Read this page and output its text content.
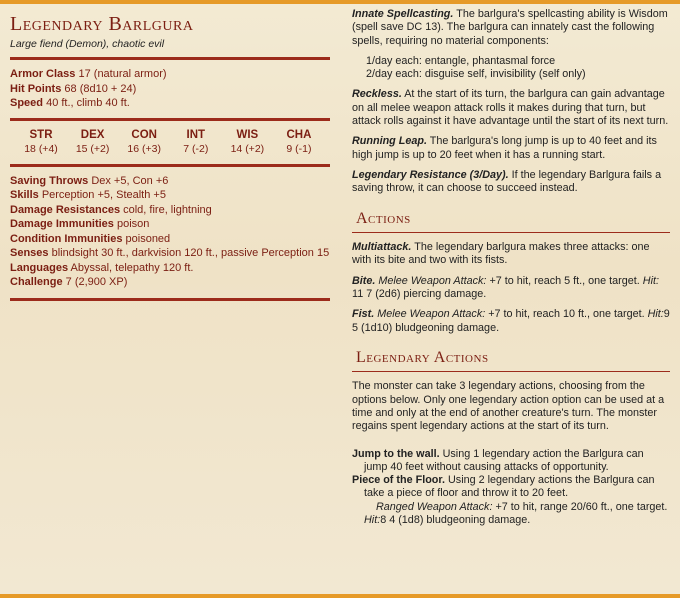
Legendary Barlgura
Large fiend (Demon), chaotic evil
Armor Class 17 (natural armor)
Hit Points 68 (8d10 + 24)
Speed 40 ft., climb 40 ft.
STR
18 (+4)
DEX
15 (+2)
CON
16 (+3)
INT
7 (-2)
WIS
14 (+2)
CHA
9 (-1)
Saving Throws Dex +5, Con +6
Skills Perception +5, Stealth +5
Damage Resistances cold, fire, lightning
Damage Immunities poison
Condition Immunities poisoned
Senses blindsight 30 ft., darkvision 120 ft., passive Perception 15
Languages Abyssal, telepathy 120 ft.
Challenge 7 (2,900 XP)

Innate Spellcasting. The barlgura's spellcasting ability is Wisdom (spell save DC 13). The barlgura can innately cast the following spells, requiring no material components:

1/day each: entangle, phantasmal force
2/day each: disguise self, invisibility (self only)

Reckless. At the start of its turn, the barlgura can gain advantage on all melee weapon attack rolls it makes during that turn, but attack rolls against it have advantage until the start of its next turn.

Running Leap. The barlgura's long jump is up to 40 feet and its high jump is up to 20 feet when it has a running start.

Legendary Resistance (3/Day). If the legendary Barlgura fails a saving throw, it can choose to succeed instead.

Actions

Multiattack. The legendary barlgura makes three attacks: one with its bite and two with its fists.

Bite. Melee Weapon Attack: +7 to hit, reach 5 ft., one target. Hit: 11 7 (2d6) piercing damage.

Fist. Melee Weapon Attack: +7 to hit, reach 10 ft., one target. Hit:9 5 (1d10) bludgeoning damage.

Legendary Actions

The monster can take 3 legendary actions, choosing from the options below. Only one legendary action option can be used at a time and only at the end of another creature's turn. The monster regains spent legendary actions at the start of its turn.

Jump to the wall. Using 1 legendary action the Barlgura can jump 40 feet without causing attacks of opportunity.

Piece of the Floor. Using 2 legendary actions the Barlgura can take a piece of floor and throw it to 20 feet.

Ranged Weapon Attack: +7 to hit, range 20/60 ft., one target. Hit:8 4 (1d8) bludgeoning damage.
